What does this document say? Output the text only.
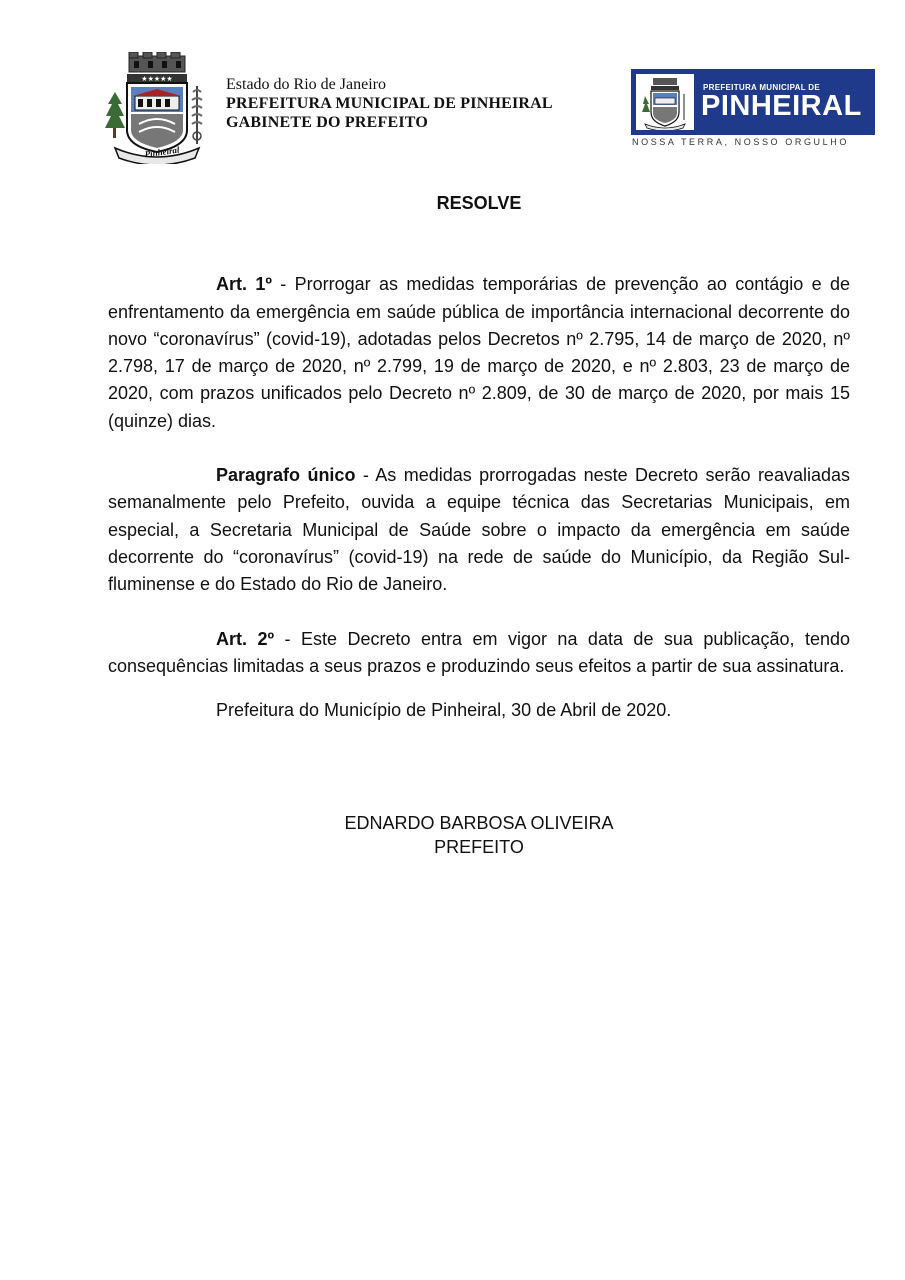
★★★★★
Pinheiral
Estado do Rio de Janeiro
PREFEITURA MUNICIPAL DE PINHEIRAL
GABINETE DO PREFEITO
PREFEITURA MUNICIPAL DE
PINHEIRAL
NOSSA TERRA, NOSSO ORGULHO

RESOLVE

Art. 1º - Prorrogar as medidas temporárias de prevenção ao contágio e de enfrentamento da emergência em saúde pública de importância internacional decorrente do novo “coronavírus” (covid-19), adotadas pelos Decretos nº 2.795, 14 de março de 2020, nº 2.798, 17 de março de 2020, nº 2.799, 19 de março de 2020, e nº 2.803, 23 de março de 2020, com prazos unificados pelo Decreto nº 2.809, de 30 de março de 2020, por mais 15 (quinze) dias.

Paragrafo único - As medidas prorrogadas neste Decreto serão reavaliadas semanalmente pelo Prefeito, ouvida a equipe técnica das Secretarias Municipais, em especial, a Secretaria Municipal de Saúde sobre o impacto da emergência em saúde decorrente do “coronavírus” (covid-19) na rede de saúde do Município, da Região Sul-fluminense e do Estado do Rio de Janeiro.

Art. 2º - Este Decreto entra em vigor na data de sua publicação, tendo consequências limitadas a seus prazos e produzindo seus efeitos a partir de sua assinatura.

Prefeitura do Município de Pinheiral, 30 de Abril de 2020.

EDNARDO BARBOSA OLIVEIRA
PREFEITO
